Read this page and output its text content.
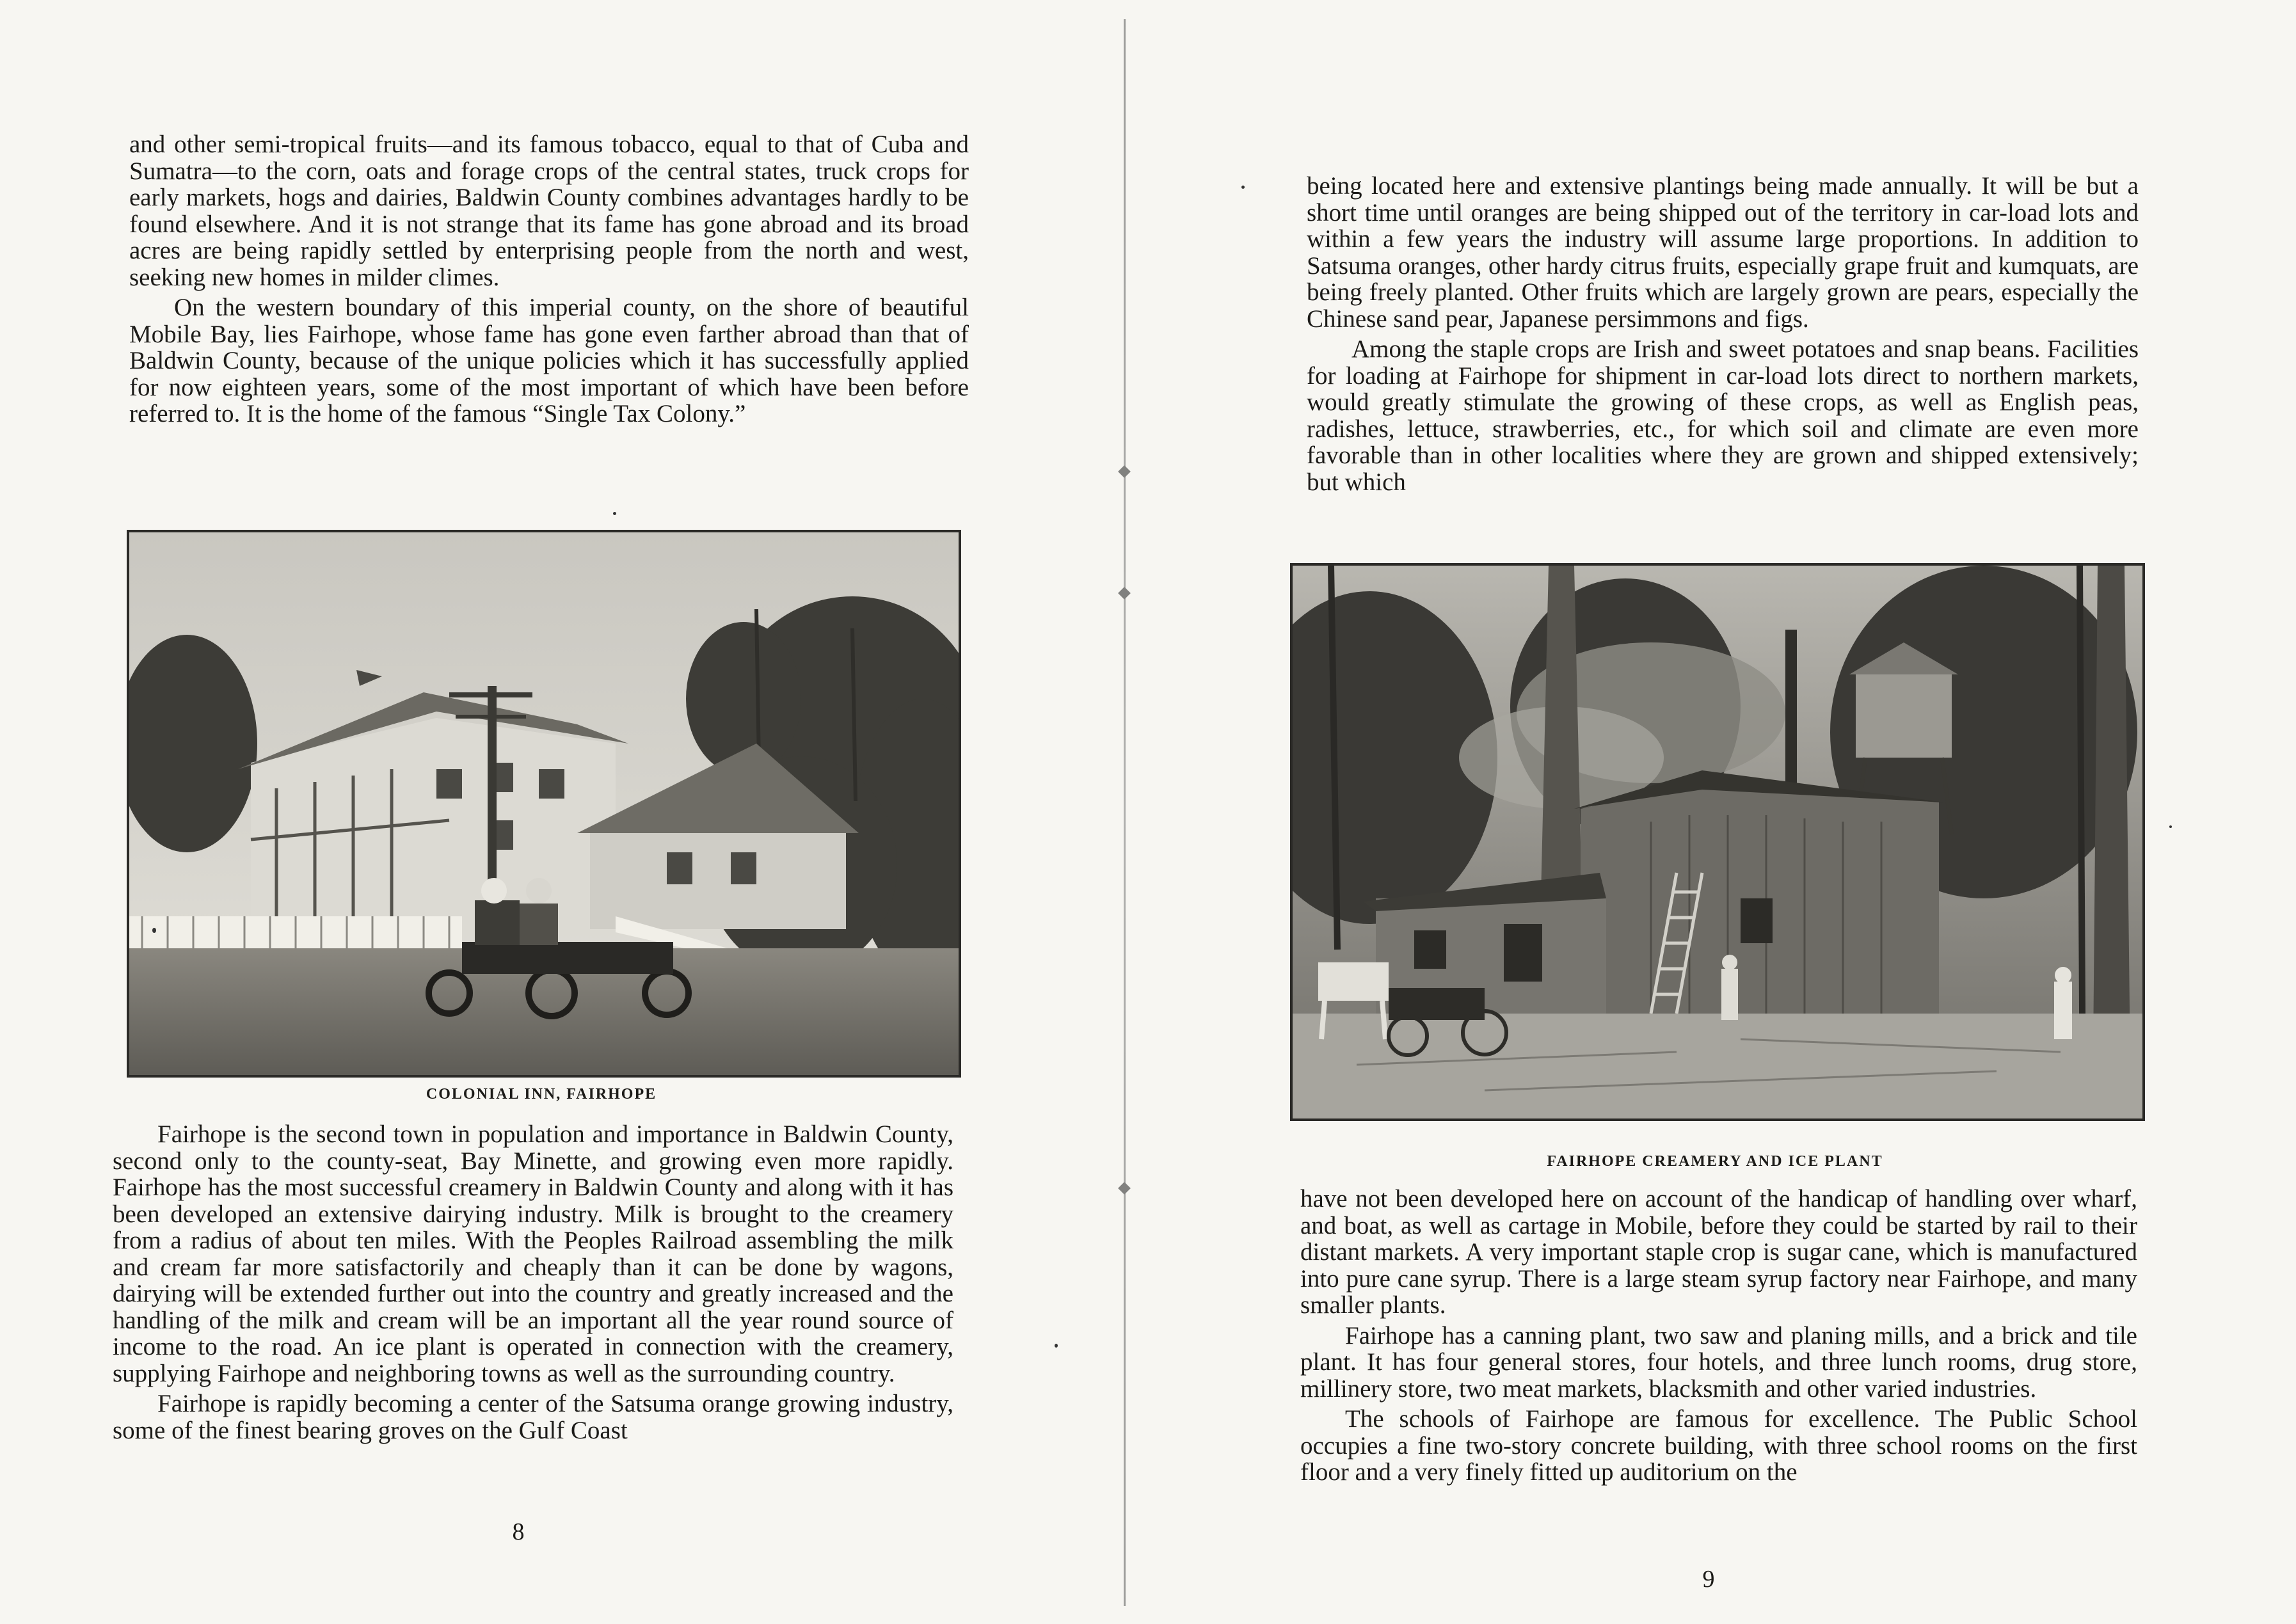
and other semi-tropical fruits—and its famous tobacco, equal to that of Cuba and Sumatra—to the corn, oats and forage crops of the central states, truck crops for early markets, hogs and dairies, Baldwin County combines advantages hardly to be found elsewhere. And it is not strange that its fame has gone abroad and its broad acres are being rapidly settled by enterprising people from the north and west, seeking new homes in milder climes.

On the western boundary of this imperial county, on the shore of beautiful Mobile Bay, lies Fairhope, whose fame has gone even farther abroad than that of Baldwin County, because of the unique policies which it has successfully applied for now eighteen years, some of the most important of which have been before referred to. It is the home of the famous “Single Tax Colony.”

COLONIAL INN, FAIRHOPE

Fairhope is the second town in population and importance in Baldwin County, second only to the county-seat, Bay Minette, and growing even more rapidly. Fairhope has the most successful creamery in Baldwin County and along with it has been developed an extensive dairying industry. Milk is brought to the creamery from a radius of about ten miles. With the Peoples Railroad assembling the milk and cream far more satisfactorily and cheaply than it can be done by wagons, dairying will be extended further out into the country and greatly increased and the handling of the milk and cream will be an important all the year round source of income to the road. An ice plant is operated in connection with the creamery, supplying Fairhope and neighboring towns as well as the surrounding country.

Fairhope is rapidly becoming a center of the Satsuma orange growing industry, some of the finest bearing groves on the Gulf Coast

8

being located here and extensive plantings being made annually. It will be but a short time until oranges are being shipped out of the territory in car-load lots and within a few years the industry will assume large proportions. In addition to Satsuma oranges, other hardy citrus fruits, especially grape fruit and kumquats, are being freely planted. Other fruits which are largely grown are pears, especially the Chinese sand pear, Japanese persimmons and figs.

Among the staple crops are Irish and sweet potatoes and snap beans. Facilities for loading at Fairhope for shipment in car-load lots direct to northern markets, would greatly stimulate the growing of these crops, as well as English peas, radishes, lettuce, strawberries, etc., for which soil and climate are even more favorable than in other localities where they are grown and shipped extensively; but which

FAIRHOPE CREAMERY AND ICE PLANT

have not been developed here on account of the handicap of handling over wharf, and boat, as well as cartage in Mobile, before they could be started by rail to their distant markets. A very important staple crop is sugar cane, which is manufactured into pure cane syrup. There is a large steam syrup factory near Fairhope, and many smaller plants.

Fairhope has a canning plant, two saw and planing mills, and a brick and tile plant. It has four general stores, four hotels, and three lunch rooms, drug store, millinery store, two meat markets, blacksmith and other varied industries.

The schools of Fairhope are famous for excellence. The Public School occupies a fine two-story concrete building, with three school rooms on the first floor and a very finely fitted up auditorium on the

9
